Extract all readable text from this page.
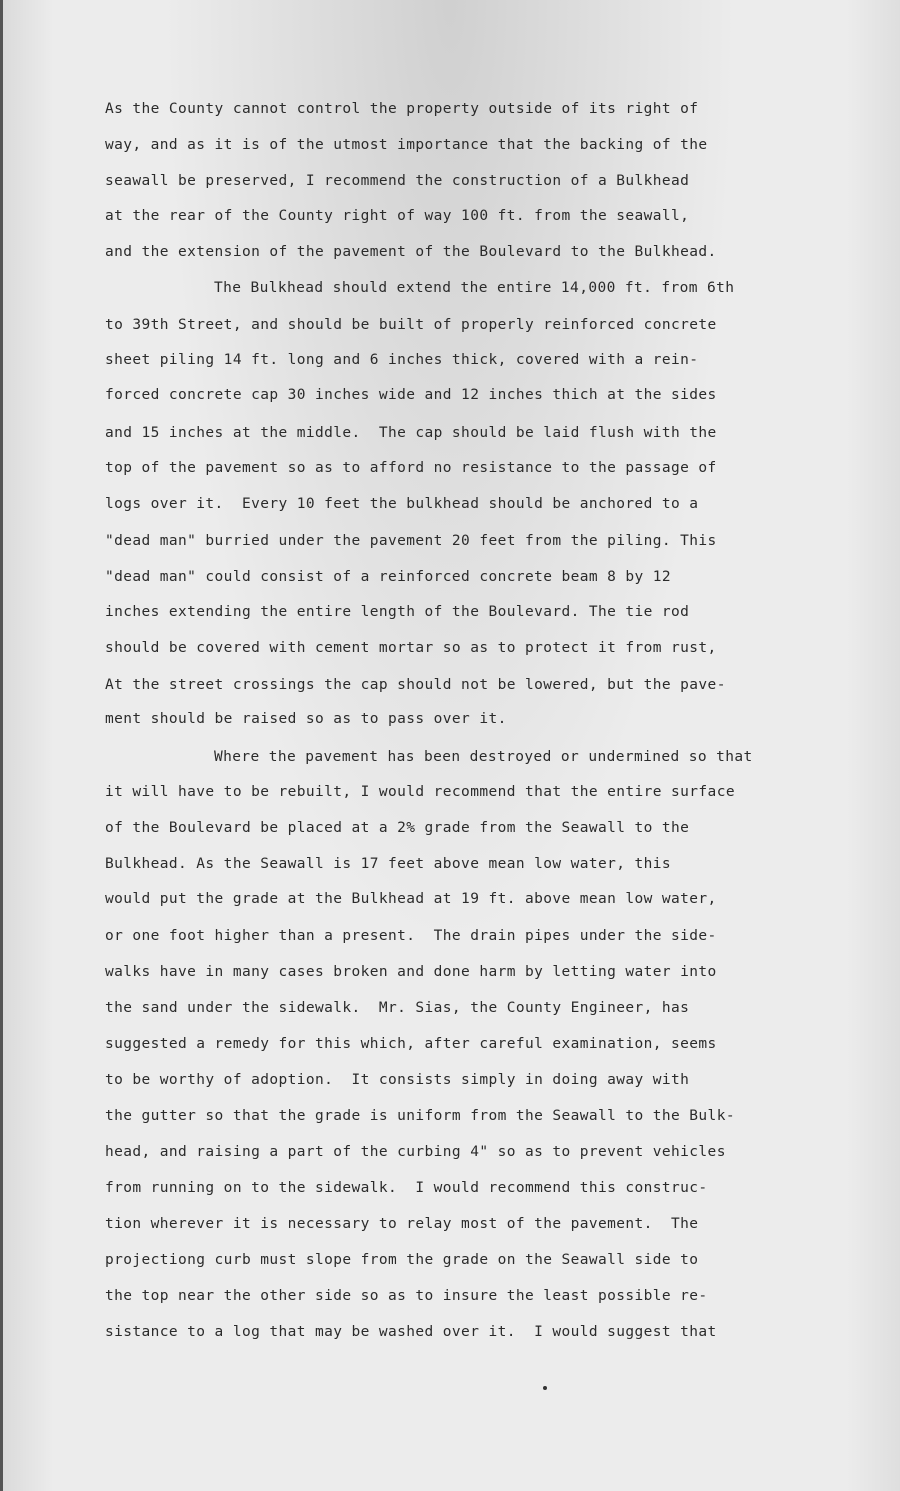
As the County cannot control the property outside of its right of
way, and as it is of the utmost importance that the backing of the
seawall be preserved, I recommend the construction of a Bulkhead
at the rear of the County right of way 100 ft. from the seawall,
and the extension of the pavement of the Boulevard to the Bulkhead.
The Bulkhead should extend the entire 14,000 ft. from 6th
to 39th Street, and should be built of properly reinforced concrete
sheet piling 14 ft. long and 6 inches thick, covered with a rein-
forced concrete cap 30 inches wide and 12 inches thich at the sides
and 15 inches at the middle.  The cap should be laid flush with the
top of the pavement so as to afford no resistance to the passage of
logs over it.  Every 10 feet the bulkhead should be anchored to a
"dead man" burried under the pavement 20 feet from the piling. This
"dead man" could consist of a reinforced concrete beam 8 by 12
inches extending the entire length of the Boulevard. The tie rod
should be covered with cement mortar so as to protect it from rust,
At the street crossings the cap should not be lowered, but the pave-
ment should be raised so as to pass over it.
Where the pavement has been destroyed or undermined so that
it will have to be rebuilt, I would recommend that the entire surface
of the Boulevard be placed at a 2% grade from the Seawall to the
Bulkhead. As the Seawall is 17 feet above mean low water, this
would put the grade at the Bulkhead at 19 ft. above mean low water,
or one foot higher than a present.  The drain pipes under the side-
walks have in many cases broken and done harm by letting water into
the sand under the sidewalk.  Mr. Sias, the County Engineer, has
suggested a remedy for this which, after careful examination, seems
to be worthy of adoption.  It consists simply in doing away with
the gutter so that the grade is uniform from the Seawall to the Bulk-
head, and raising a part of the curbing 4" so as to prevent vehicles
from running on to the sidewalk.  I would recommend this construc-
tion wherever it is necessary to relay most of the pavement.  The
projectiong curb must slope from the grade on the Seawall side to
the top near the other side so as to insure the least possible re-
sistance to a log that may be washed over it.  I would suggest that
